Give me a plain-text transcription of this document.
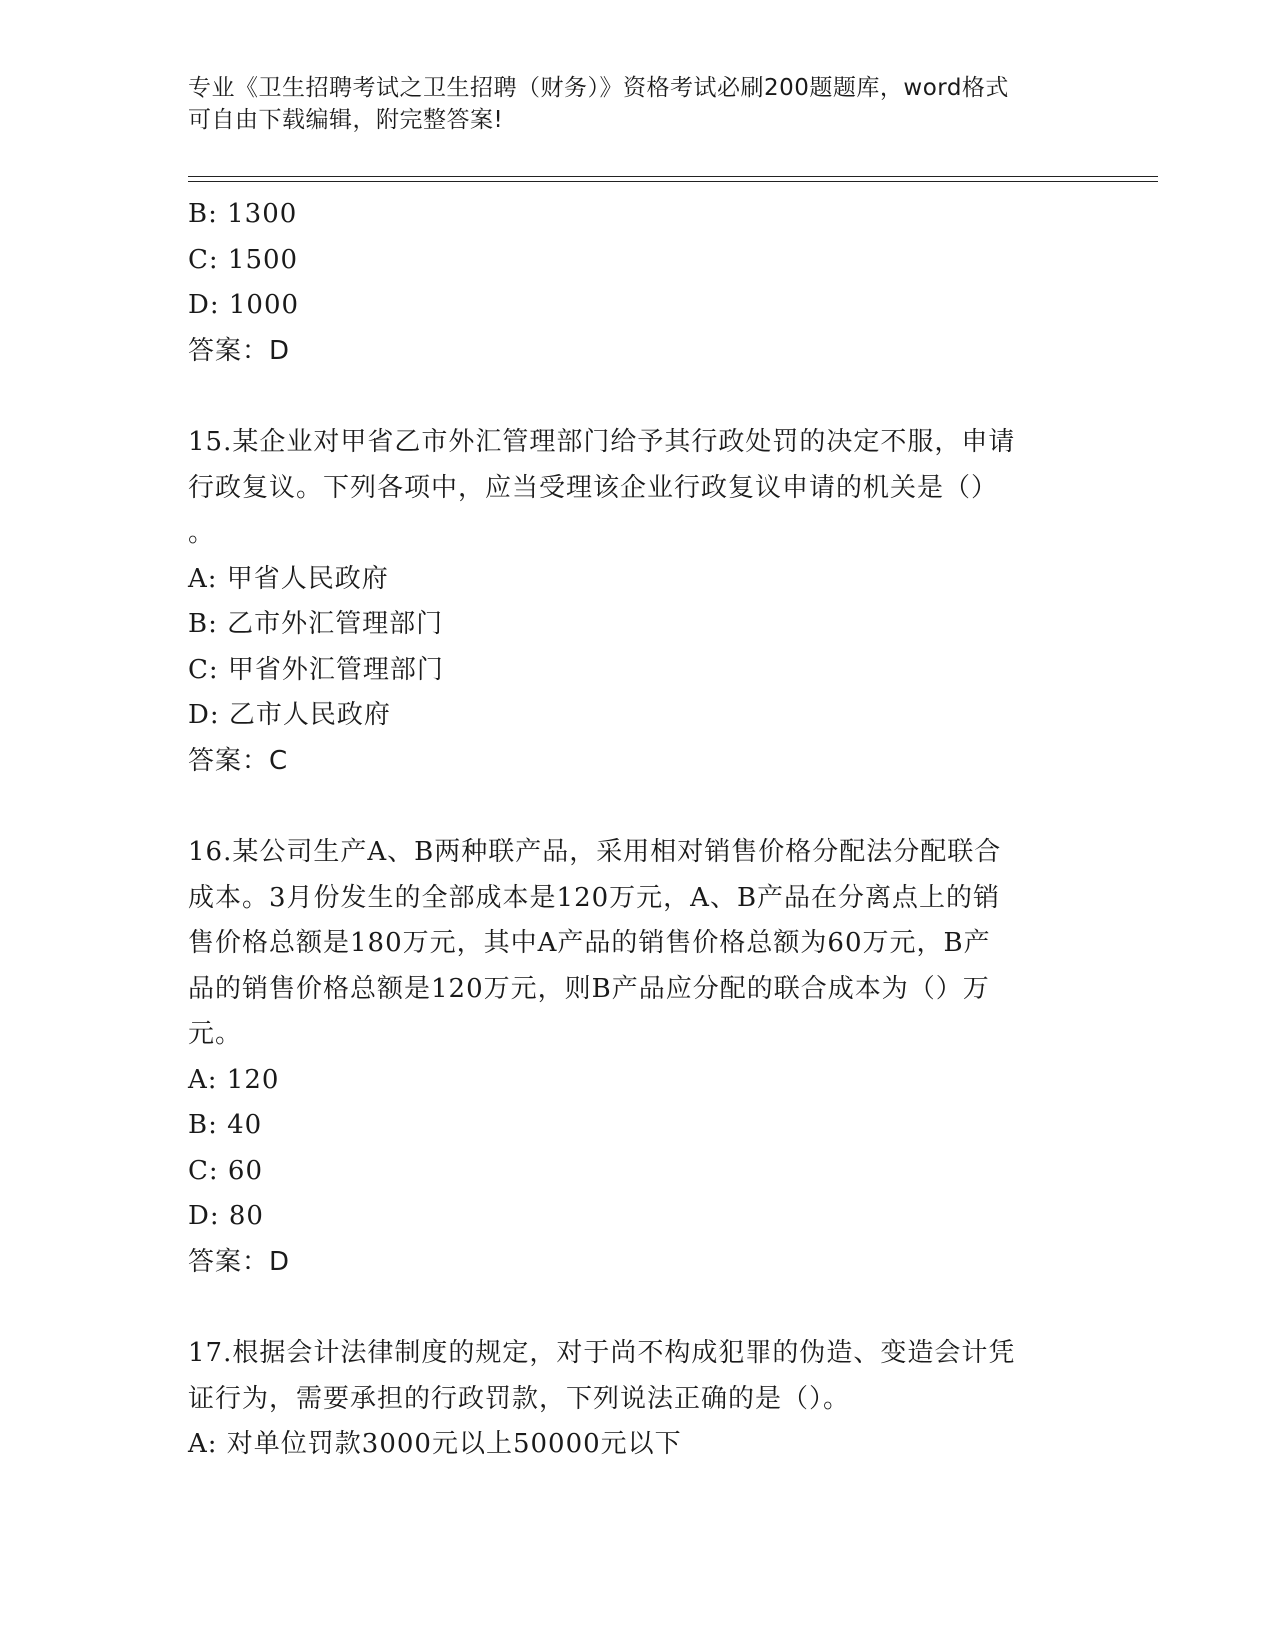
专业《卫生招聘考试之卫生招聘（财务）》资格考试必刷200题题库，word格式
可自由下载编辑，附完整答案!
B: 1300
C: 1500
D: 1000
答案：D
15.某企业对甲省乙市外汇管理部门给予其行政处罚的决定不服，申请
行政复议。下列各项中，应当受理该企业行政复议申请的机关是（）
。
A: 甲省人民政府
B: 乙市外汇管理部门
C: 甲省外汇管理部门
D: 乙市人民政府
答案：C
16.某公司生产A、B两种联产品，采用相对销售价格分配法分配联合
成本。3月份发生的全部成本是120万元，A、B产品在分离点上的销
售价格总额是180万元，其中A产品的销售价格总额为60万元，B产
品的销售价格总额是120万元，则B产品应分配的联合成本为（）万
元。
A: 120
B: 40
C: 60
D: 80
答案：D
17.根据会计法律制度的规定，对于尚不构成犯罪的伪造、变造会计凭
证行为，需要承担的行政罚款，下列说法正确的是（）。
A: 对单位罚款3000元以上50000元以下
